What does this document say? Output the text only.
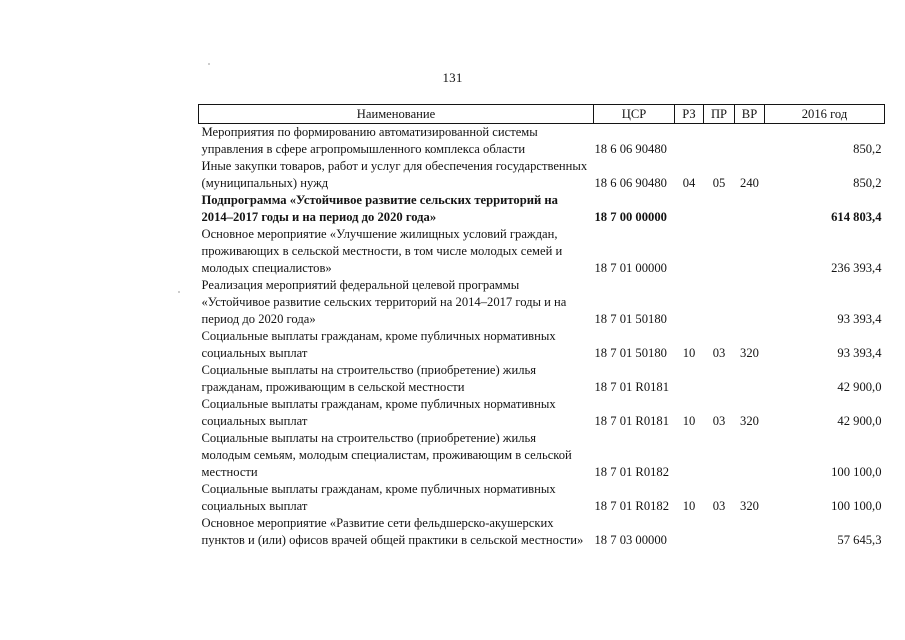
131
Наименование	ЦСР	РЗ	ПР	ВР	2016 год
Мероприятия по формированию автоматизированной системы управления в сфере агропромышленного комплекса области	18 6 06 90480				850,2
Иные закупки товаров, работ и услуг для обеспечения государственных (муниципальных) нужд	18 6 06 90480	04	05	240	850,2
Подпрограмма «Устойчивое развитие сельских территорий на 2014–2017 годы и на период до 2020 года»	18 7 00 00000				614 803,4
Основное мероприятие «Улучшение жилищных условий граждан, проживающих в сельской местности, в том числе молодых семей и молодых специалистов»	18 7 01 00000				236 393,4
Реализация мероприятий федеральной целевой программы «Устойчивое развитие сельских территорий на 2014–2017 годы и на период до 2020 года»	18 7 01 50180				93 393,4
Социальные выплаты гражданам, кроме публичных нормативных социальных выплат	18 7 01 50180	10	03	320	93 393,4
Социальные выплаты на строительство (приобретение) жилья гражданам, проживающим в сельской местности	18 7 01 R0181				42 900,0
Социальные выплаты гражданам, кроме публичных нормативных социальных выплат	18 7 01 R0181	10	03	320	42 900,0
Социальные выплаты на строительство (приобретение) жилья молодым семьям, молодым специалистам, проживающим в сельской местности	18 7 01 R0182				100 100,0
Социальные выплаты гражданам, кроме публичных нормативных социальных выплат	18 7 01 R0182	10	03	320	100 100,0
Основное мероприятие «Развитие сети фельдшерско-акушерских пунктов и (или) офисов врачей общей практики в сельской местности»	18 7 03 00000				57 645,3
